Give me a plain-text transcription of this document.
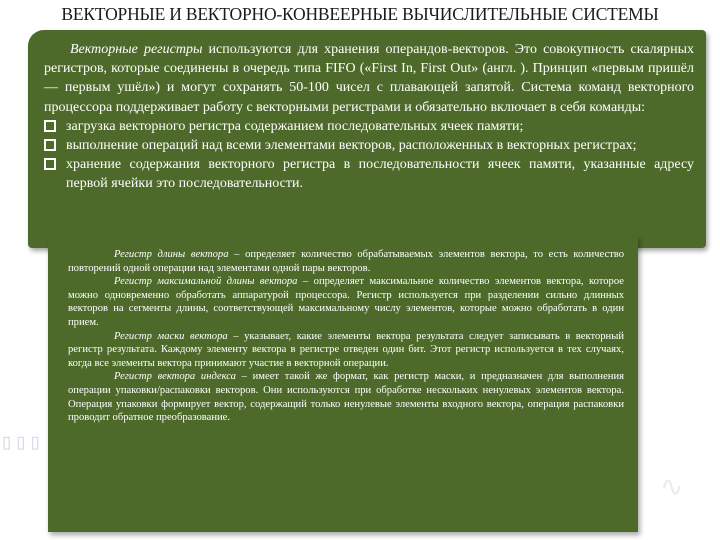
ВЕКТОРНЫЕ И ВЕКТОРНО-КОНВЕЕРНЫЕ ВЫЧИСЛИТЕЛЬНЫЕ СИСТЕМЫ
Векторные регистры используются для хранения операндов-векторов. Это совокупность скалярных регистров, которые соединены в очередь типа FIFO («First In, First Out» (англ. ). Принцип «первым пришёл — первым ушёл») и могут сохранять 50-100 чисел с плавающей запятой. Система команд векторного процессора поддерживает работу с векторными регистрами и обязательно включает в себя команды:
загрузка векторного регистра содержанием последовательных ячеек памяти;
выполнение операций над всеми элементами векторов, расположенных в векторных регистрах;
хранение содержания векторного регистра в последовательности ячеек памяти, указанные адресу первой ячейки это последовательности.

Регистр длины вектора – определяет количество обрабатываемых элементов вектора, то есть количество повторений одной операции над элементами одной пары векторов.

Регистр максимальной длины вектора – определяет максимальное количество элементов вектора, которое можно одновременно обработать аппаратурой процессора. Регистр используется при разделении сильно длинных векторов на сегменты длины, соответствующей максимальному числу элементов, которые можно обработать в один прием.

Регистр маски вектора – указывает, какие элементы вектора результата следует записывать в векторный регистр результата. Каждому элементу вектора в регистре отведен один бит. Этот регистр используется в тех случаях, когда все элементы вектора принимают участие в векторной операции.

Регистр вектора индекса – имеет такой же формат, как регистр маски, и предназначен для выполнения операции упаковки/распаковки векторов. Они используются при обработке нескольких ненулевых элементов вектора. Операция упаковки формирует вектор, содержащий только ненулевые элементы входного вектора, операция распаковки проводит обратное преобразование.

▯▯▯
∿
